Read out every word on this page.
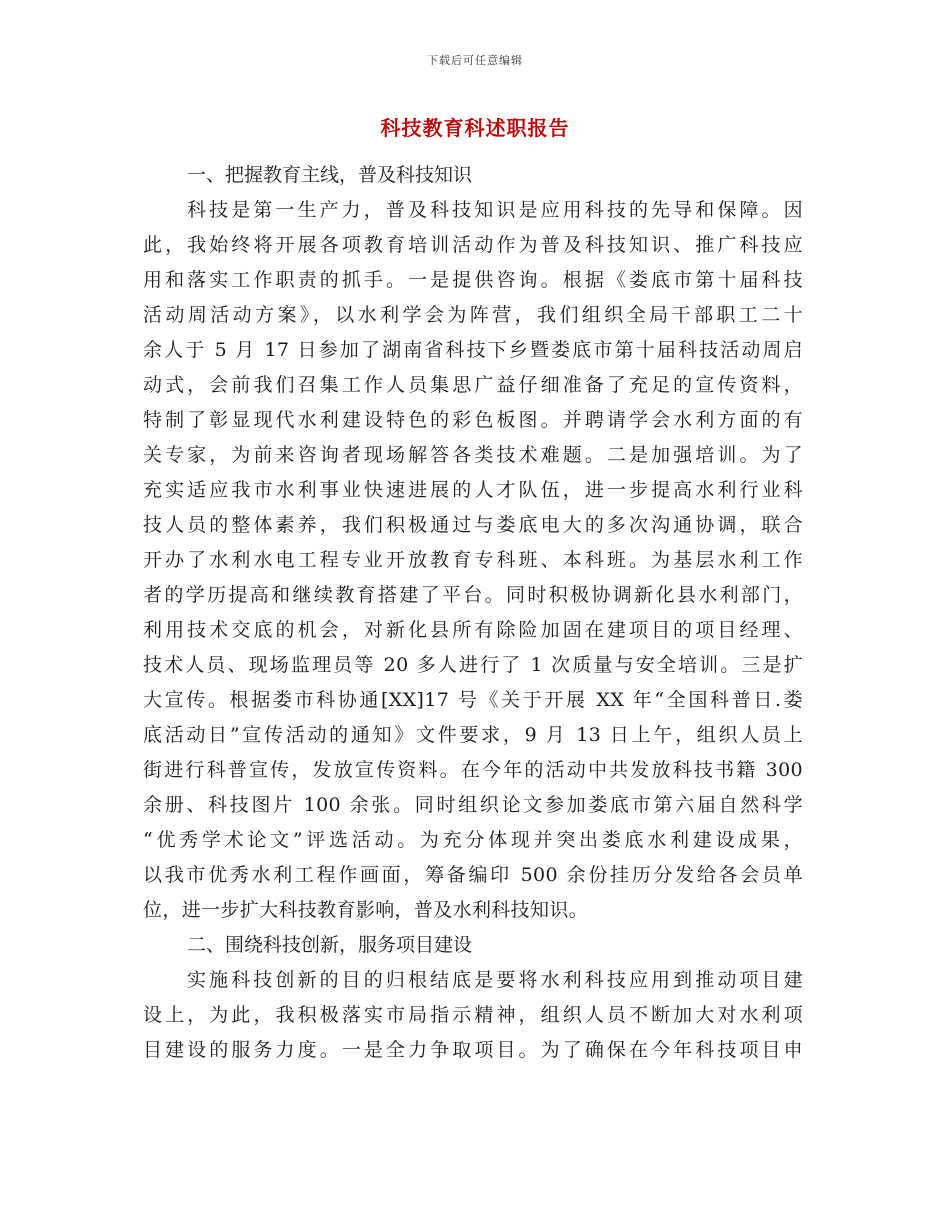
下载后可任意编辑
科技教育科述职报告

一、把握教育主线，普及科技知识

科技是第一生产力，普及科技知识是应用科技的先导和保障。因

此，我始终将开展各项教育培训活动作为普及科技知识、推广科技应

用和落实工作职责的抓手。一是提供咨询。根据《娄底市第十届科技

活动周活动方案》，以水利学会为阵营，我们组织全局干部职工二十

余人于 5 月 17 日参加了湖南省科技下乡暨娄底市第十届科技活动周启

动式，会前我们召集工作人员集思广益仔细准备了充足的宣传资料，

特制了彰显现代水利建设特色的彩色板图。并聘请学会水利方面的有

关专家，为前来咨询者现场解答各类技术难题。二是加强培训。为了

充实适应我市水利事业快速进展的人才队伍，进一步提高水利行业科

技人员的整体素养，我们积极通过与娄底电大的多次沟通协调，联合

开办了水利水电工程专业开放教育专科班、本科班。为基层水利工作

者的学历提高和继续教育搭建了平台。同时积极协调新化县水利部门，

利用技术交底的机会，对新化县所有除险加固在建项目的项目经理、

技术人员、现场监理员等 20 多人进行了 1 次质量与安全培训。三是扩

大宣传。根据娄市科协通[XX]17 号《关于开展 XX 年“全国科普日.娄

底活动日”宣传活动的通知》文件要求，9 月 13 日上午，组织人员上

街进行科普宣传，发放宣传资料。在今年的活动中共发放科技书籍 300

余册、科技图片 100 余张。同时组织论文参加娄底市第六届自然科学

“优秀学术论文”评选活动。为充分体现并突出娄底水利建设成果，

以我市优秀水利工程作画面，筹备编印 500 余份挂历分发给各会员单

位，进一步扩大科技教育影响，普及水利科技知识。

二、围绕科技创新，服务项目建设

实施科技创新的目的归根结底是要将水利科技应用到推动项目建

设上，为此，我积极落实市局指示精神，组织人员不断加大对水利项

目建设的服务力度。一是全力争取项目。为了确保在今年科技项目申
